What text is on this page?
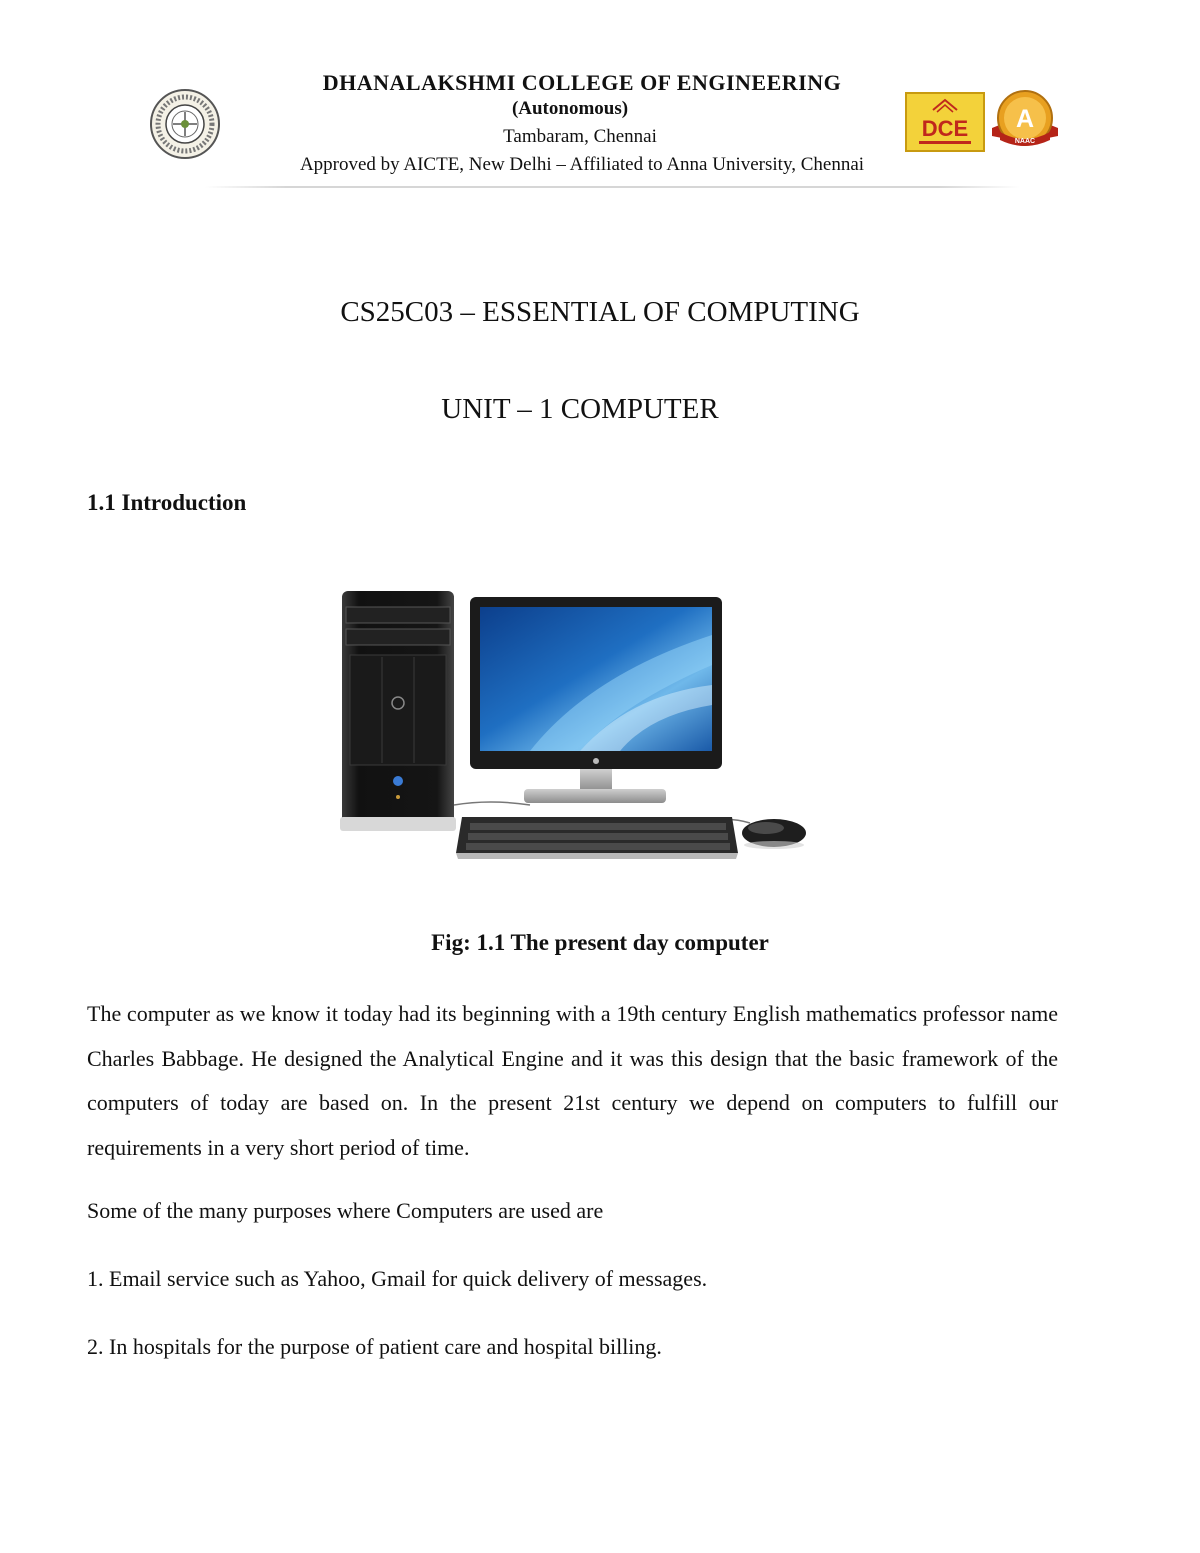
DHANALAKSHMI COLLEGE OF ENGINEERING
(Autonomous)
Tambaram, Chennai
Approved by AICTE, New Delhi – Affiliated to Anna University, Chennai
DCE A
NAAC
CS25C03 – ESSENTIAL OF COMPUTING
UNIT – 1 COMPUTER
1.1 Introduction
Fig: 1.1 The present day computer

The computer as we know it today had its beginning with a 19th century English mathematics professor name Charles Babbage. He designed the Analytical Engine and it was this design that the basic framework of the computers of today are based on. In the present 21st century we depend on computers to fulfill our requirements in a very short period of time.

Some of the many purposes where Computers are used are

1. Email service such as Yahoo, Gmail for quick delivery of messages.

2. In hospitals for the purpose of patient care and hospital billing.
